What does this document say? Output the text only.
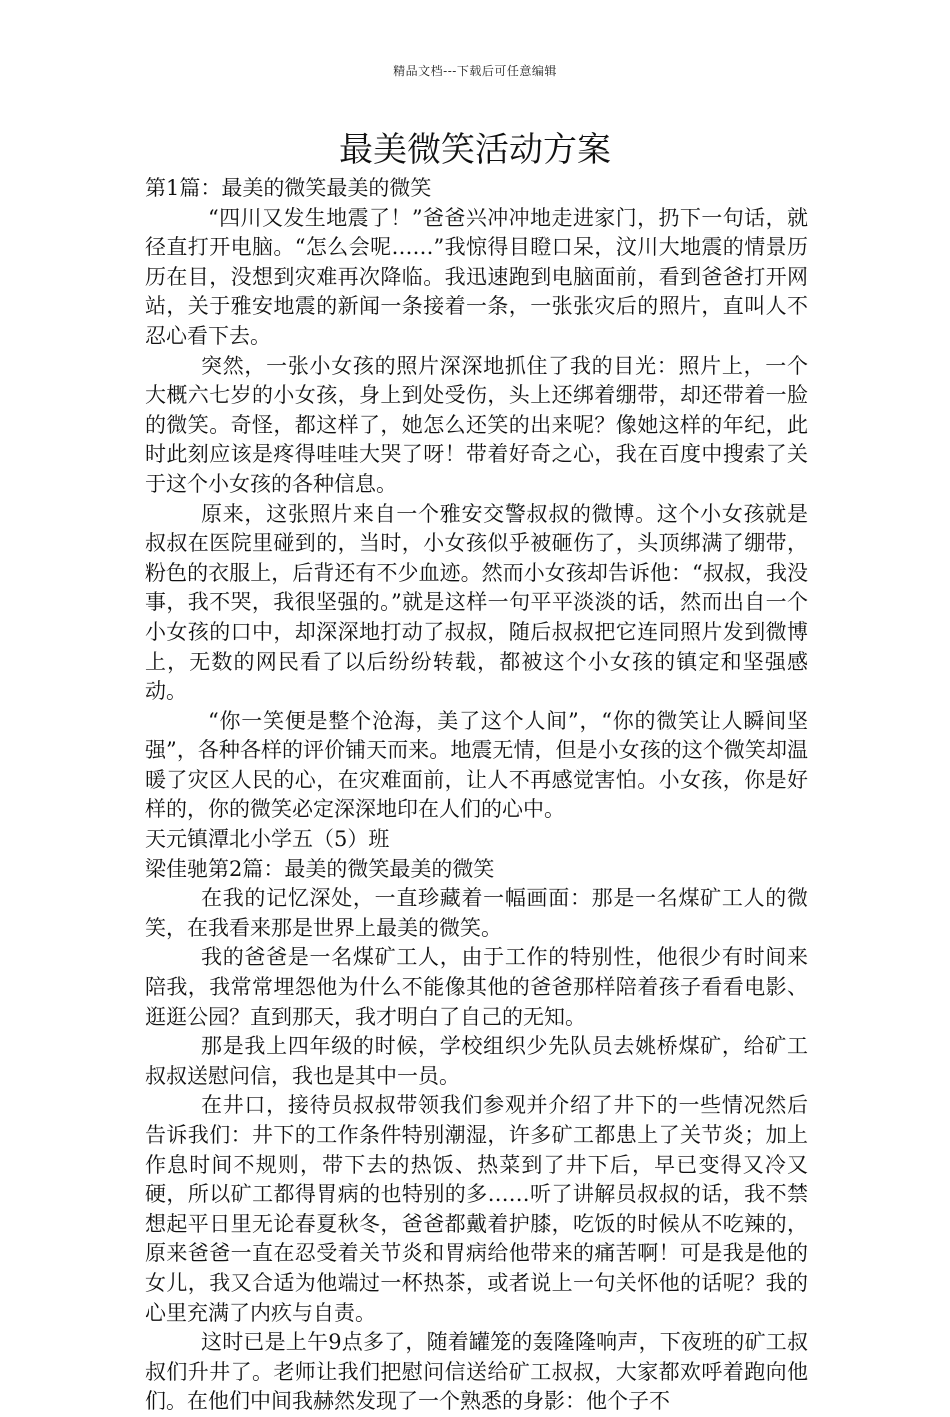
精品文档---下载后可任意编辑
最美微笑活动方案

第1篇：最美的微笑最美的微笑

“四川又发生地震了！”爸爸兴冲冲地走进家门，扔下一句话，就径直打开电脑。“怎么会呢……”我惊得目瞪口呆，汶川大地震的情景历历在目，没想到灾难再次降临。我迅速跑到电脑面前，看到爸爸打开网站，关于雅安地震的新闻一条接着一条，一张张灾后的照片，直叫人不忍心看下去。

突然，一张小女孩的照片深深地抓住了我的目光：照片上，一个大概六七岁的小女孩，身上到处受伤，头上还绑着绷带，却还带着一脸的微笑。奇怪，都这样了，她怎么还笑的出来呢？像她这样的年纪，此时此刻应该是疼得哇哇大哭了呀！带着好奇之心，我在百度中搜索了关于这个小女孩的各种信息。

原来，这张照片来自一个雅安交警叔叔的微博。这个小女孩就是叔叔在医院里碰到的，当时，小女孩似乎被砸伤了，头顶绑满了绷带，粉色的衣服上，后背还有不少血迹。然而小女孩却告诉他：“叔叔，我没事，我不哭，我很坚强的。”就是这样一句平平淡淡的话，然而出自一个小女孩的口中，却深深地打动了叔叔，随后叔叔把它连同照片发到微博上，无数的网民看了以后纷纷转载，都被这个小女孩的镇定和坚强感动。

“你一笑便是整个沧海，美了这个人间”，“你的微笑让人瞬间坚强”，各种各样的评价铺天而来。地震无情，但是小女孩的这个微笑却温暖了灾区人民的心，在灾难面前，让人不再感觉害怕。小女孩，你是好样的，你的微笑必定深深地印在人们的心中。

天元镇潭北小学五（5）班

梁佳驰第2篇：最美的微笑最美的微笑

在我的记忆深处，一直珍藏着一幅画面：那是一名煤矿工人的微笑，在我看来那是世界上最美的微笑。

我的爸爸是一名煤矿工人，由于工作的特别性，他很少有时间来陪我，我常常埋怨他为什么不能像其他的爸爸那样陪着孩子看看电影、逛逛公园？直到那天，我才明白了自己的无知。

那是我上四年级的时候，学校组织少先队员去姚桥煤矿，给矿工叔叔送慰问信，我也是其中一员。

在井口，接待员叔叔带领我们参观并介绍了井下的一些情况然后告诉我们：井下的工作条件特别潮湿，许多矿工都患上了关节炎；加上作息时间不规则，带下去的热饭、热菜到了井下后，早已变得又冷又硬，所以矿工都得胃病的也特别的多……听了讲解员叔叔的话，我不禁想起平日里无论春夏秋冬，爸爸都戴着护膝，吃饭的时候从不吃辣的，原来爸爸一直在忍受着关节炎和胃病给他带来的痛苦啊！可是我是他的女儿，我又合适为他端过一杯热茶，或者说上一句关怀他的话呢？我的心里充满了内疚与自责。

这时已是上午9点多了，随着罐笼的轰隆隆响声，下夜班的矿工叔叔们升井了。老师让我们把慰问信送给矿工叔叔，大家都欢呼着跑向他们。在他们中间我赫然发现了一个熟悉的身影：他个子不
